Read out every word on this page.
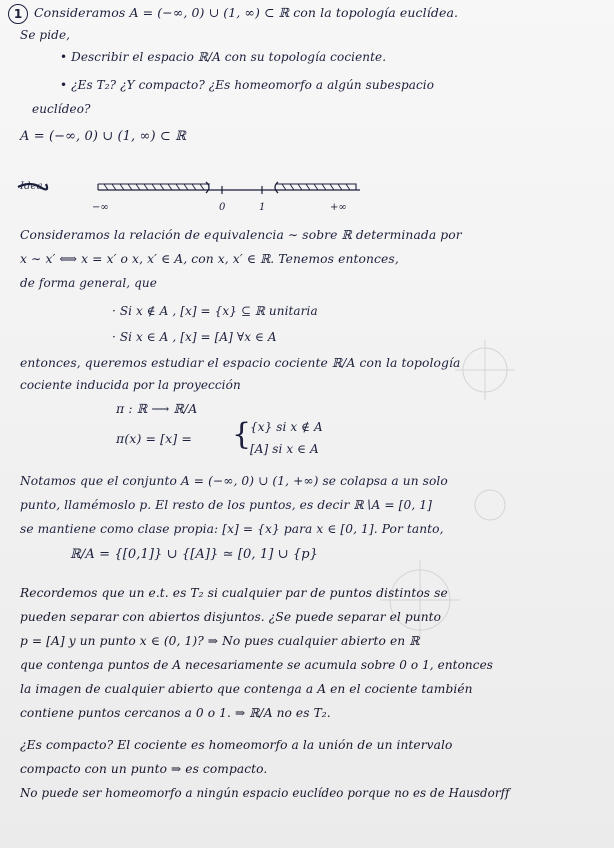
1 Consideramos A = (−∞, 0) ∪ (1, ∞) ⊂ ℝ con la topología euclídea.
Se pide,
• Describir el espacio ℝ/A con su topología cociente.
• ¿Es T₂? ¿Y compacto? ¿Es homeomorfo a algún subespacio
euclídeo?
A = (−∞, 0) ∪ (1, ∞) ⊂ ℝ
Idea
−∞	0	1	+∞
Consideramos la relación de equivalencia ∼ sobre ℝ determinada por
x ∼ x′ ⟺ x = x′ o x, x′ ∈ A, con x, x′ ∈ ℝ. Tenemos entonces,
de forma general, que
· Si x ∉ A , [x] = {x} ⊆ ℝ unitaria
· Si x ∈ A , [x] = [A] ∀x ∈ A
entonces, queremos estudiar el espacio cociente ℝ/A con la topología
cociente inducida por la proyección
π : ℝ ⟶ ℝ/A
π(x) = [x] = {
{x} si x ∉ A
[A] si x ∈ A
Notamos que el conjunto A = (−∞, 0) ∪ (1, +∞) se colapsa a un solo
punto, llamémoslo p. El resto de los puntos, es decir ℝ∖A = [0, 1]
se mantiene como clase propia: [x] = {x} para x ∈ [0, 1]. Por tanto,
ℝ/A = {[0,1]} ∪ {[A]} ≃ [0, 1] ∪ {p}
Recordemos que un e.t. es T₂ si cualquier par de puntos distintos se
pueden separar con abiertos disjuntos. ¿Se puede separar el punto
p = [A] y un punto x ∈ (0, 1)? ⇒ No pues cualquier abierto en ℝ
que contenga puntos de A necesariamente se acumula sobre 0 o 1, entonces
la imagen de cualquier abierto que contenga a A en el cociente también
contiene puntos cercanos a 0 o 1. ⇒ ℝ/A no es T₂.
¿Es compacto? El cociente es homeomorfo a la unión de un intervalo
compacto con un punto ⇒ es compacto.
No puede ser homeomorfo a ningún espacio euclídeo porque no es de Hausdorff
